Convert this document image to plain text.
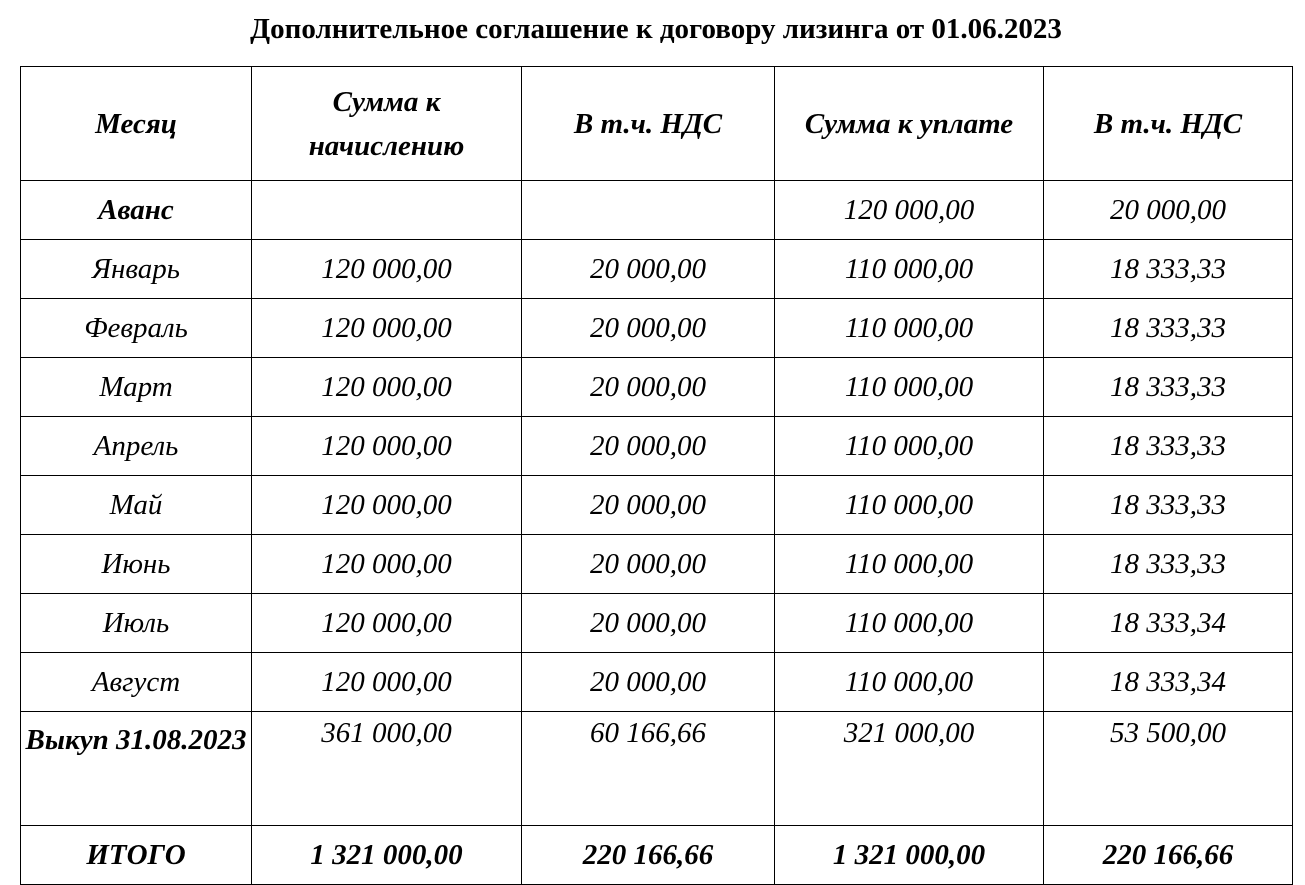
Дополнительное соглашение к договору лизинга от 01.06.2023
Месяц	Сумма к начислению	В т.ч. НДС	Сумма к уплате	В т.ч. НДС
Аванс			120 000,00	20 000,00
Январь	120 000,00	20 000,00	110 000,00	18 333,33
Февраль	120 000,00	20 000,00	110 000,00	18 333,33
Март	120 000,00	20 000,00	110 000,00	18 333,33
Апрель	120 000,00	20 000,00	110 000,00	18 333,33
Май	120 000,00	20 000,00	110 000,00	18 333,33
Июнь	120 000,00	20 000,00	110 000,00	18 333,33
Июль	120 000,00	20 000,00	110 000,00	18 333,34
Август	120 000,00	20 000,00	110 000,00	18 333,34
Выкуп 31.08.2023	361 000,00	60 166,66	321 000,00	53 500,00
ИТОГО	1 321 000,00	220 166,66	1 321 000,00	220 166,66
